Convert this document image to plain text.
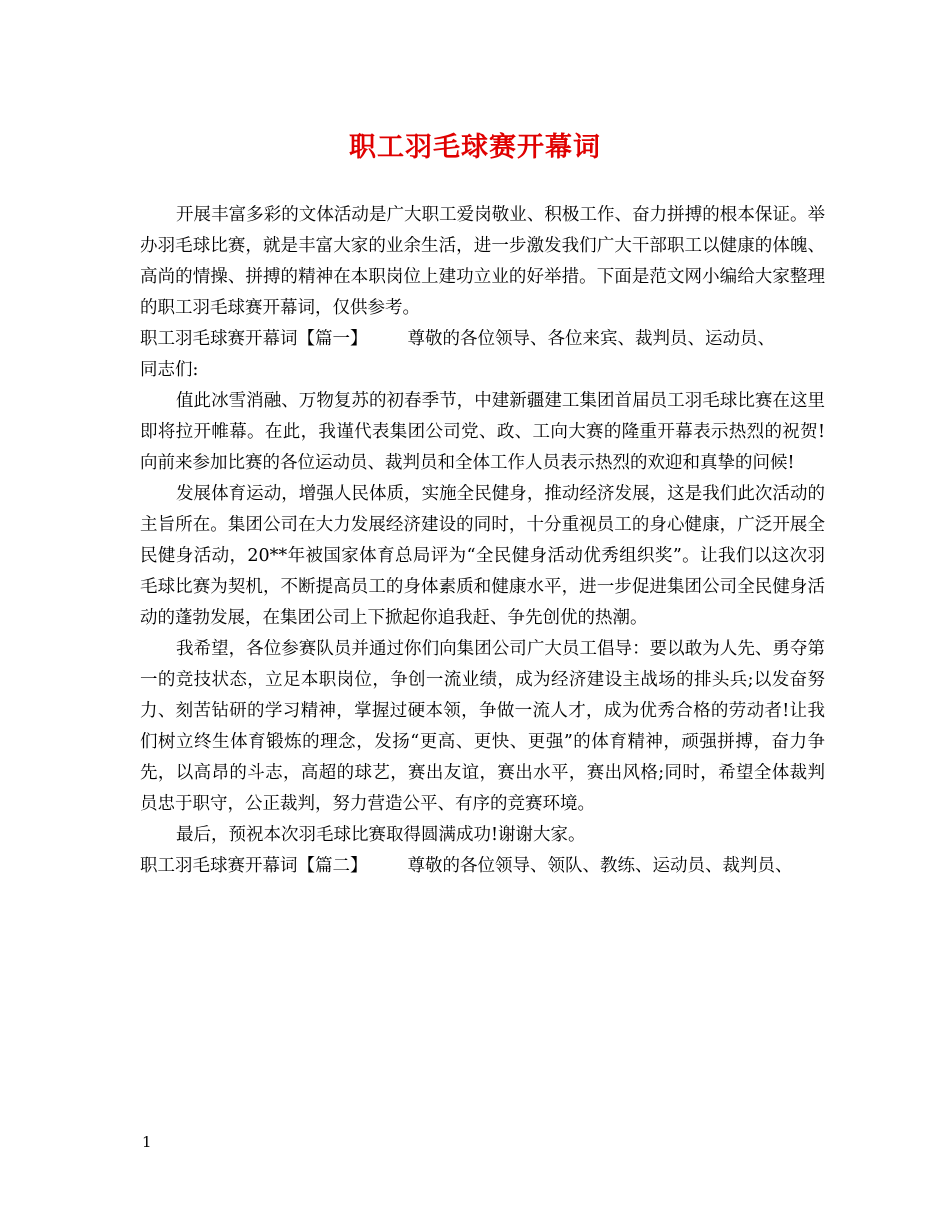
职工羽毛球赛开幕词

开展丰富多彩的文体活动是广大职工爱岗敬业、积极工作、奋力拼搏的根本保证。举办羽毛球比赛，就是丰富大家的业余生活，进一步激发我们广大干部职工以健康的体魄、高尚的情操、拼搏的精神在本职岗位上建功立业的好举措。下面是范文网小编给大家整理的职工羽毛球赛开幕词，仅供参考。

职工羽毛球赛开幕词【篇一】 尊敬的各位领导、各位来宾、裁判员、运动员、

同志们:

值此冰雪消融、万物复苏的初春季节，中建新疆建工集团首届员工羽毛球比赛在这里即将拉开帷幕。在此，我谨代表集团公司党、政、工向大赛的隆重开幕表示热烈的祝贺!向前来参加比赛的各位运动员、裁判员和全体工作人员表示热烈的欢迎和真挚的问候!

发展体育运动，增强人民体质，实施全民健身，推动经济发展，这是我们此次活动的主旨所在。集团公司在大力发展经济建设的同时，十分重视员工的身心健康，广泛开展全民健身活动，20**年被国家体育总局评为“全民健身活动优秀组织奖”。让我们以这次羽毛球比赛为契机，不断提高员工的身体素质和健康水平，进一步促进集团公司全民健身活动的蓬勃发展，在集团公司上下掀起你追我赶、争先创优的热潮。

我希望，各位参赛队员并通过你们向集团公司广大员工倡导：要以敢为人先、勇夺第一的竞技状态，立足本职岗位，争创一流业绩，成为经济建设主战场的排头兵;以发奋努力、刻苦钻研的学习精神，掌握过硬本领，争做一流人才，成为优秀合格的劳动者!让我们树立终生体育锻炼的理念，发扬“更高、更快、更强”的体育精神，顽强拼搏，奋力争先，以高昂的斗志，高超的球艺，赛出友谊，赛出水平，赛出风格;同时，希望全体裁判员忠于职守，公正裁判，努力营造公平、有序的竞赛环境。

最后，预祝本次羽毛球比赛取得圆满成功!谢谢大家。

职工羽毛球赛开幕词【篇二】 尊敬的各位领导、领队、教练、运动员、裁判员、

1
